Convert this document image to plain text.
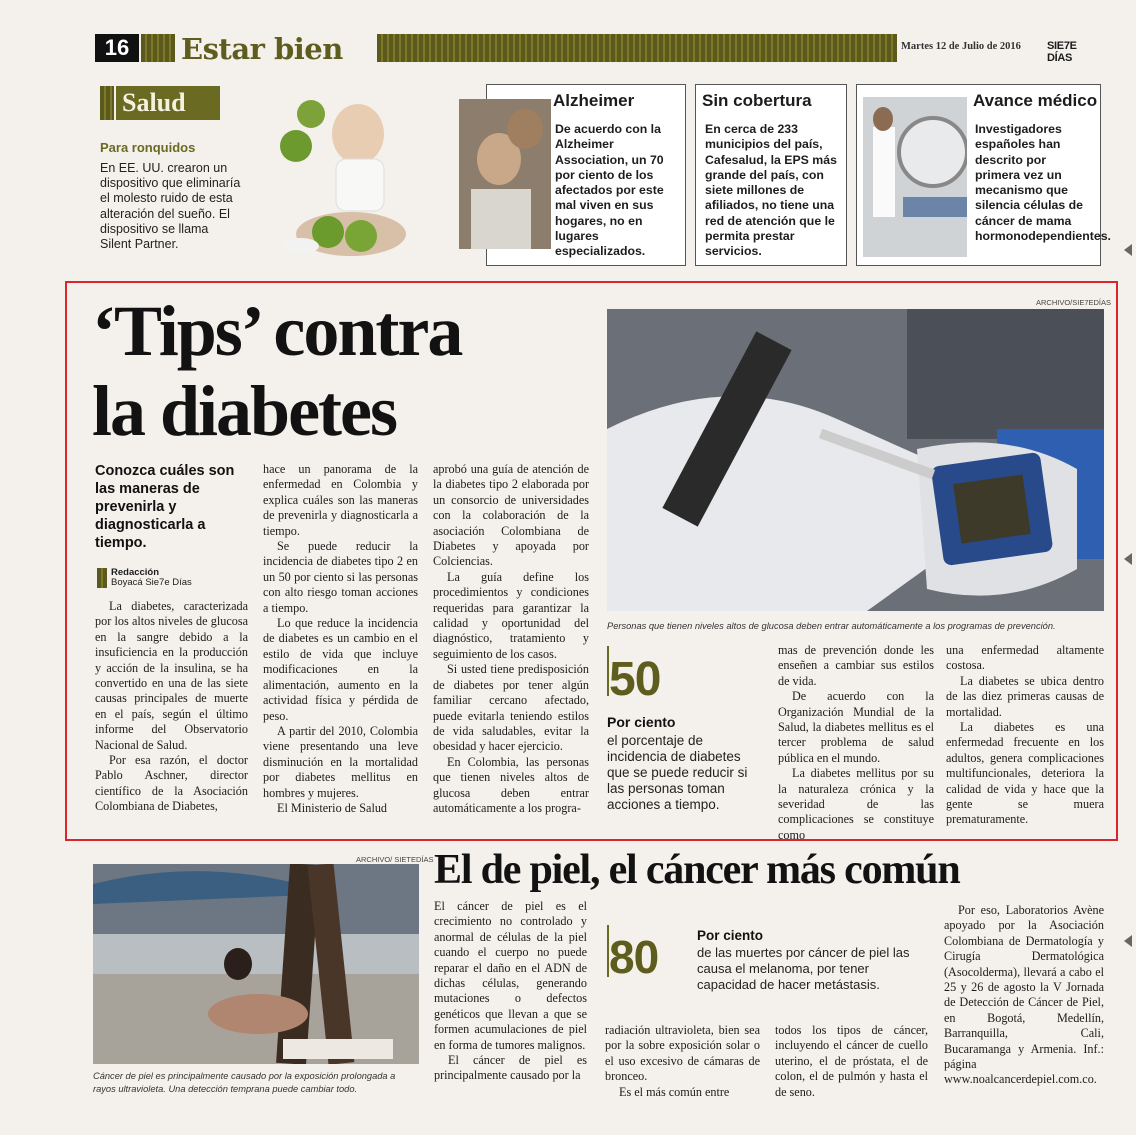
16	Estar bien	Martes 12 de Julio de 2016 SIE7E DÍAS
Salud
Para ronquidos
En EE. UU. crearon un dispositivo que eliminaría el molesto ruido de esta alteración del sueño. El dispositivo se llama Silent Partner.
Alzheimer
De acuerdo con la Alzheimer Association, un 70 por ciento de los afectados por este mal viven en sus hogares, no en lugares especializados.
Sin cobertura
En cerca de 233 municipios del país, Cafesalud, la EPS más grande del país, con siete millones de afiliados, no tiene una red de atención que le permita prestar servicios.
Avance médico
Investigadores españoles han descrito por primera vez un mecanismo que silencia células de cáncer de mama hormonodependientes.
‘Tips’ contra
la diabetes
Conozca cuáles son las maneras de prevenirla y diagnosticarla a tiempo.
Redacción
Boyacá Sie7e Días

La diabetes, caracterizada por los altos niveles de glucosa en la sangre debido a la insuficiencia en la producción y acción de la insulina, se ha convertido en una de las siete causas principales de muerte en el país, según el último informe del Observatorio Nacional de Salud.

Por esa razón, el doctor Pablo Aschner, director científico de la Asociación Colombiana de Diabetes,

hace un panorama de la enfermedad en Colombia y explica cuáles son las maneras de prevenirla y diagnosticarla a tiempo.

Se puede reducir la incidencia de diabetes tipo 2 en un 50 por ciento si las personas con alto riesgo toman acciones a tiempo.

Lo que reduce la incidencia de diabetes es un cambio en el estilo de vida que incluye modificaciones en la alimentación, aumento en la actividad física y pérdida de peso.

A partir del 2010, Colombia viene presentando una leve disminución en la mortalidad por diabetes mellitus en hombres y mujeres.

El Ministerio de Salud

aprobó una guía de atención de la diabetes tipo 2 elaborada por un consorcio de universidades con la colaboración de la asociación Colombiana de Diabetes y apoyada por Colciencias.

La guía define los procedimientos y condiciones requeridas para garantizar la calidad y oportunidad del diagnóstico, tratamiento y seguimiento de los casos.

Si usted tiene predisposición de diabetes por tener algún familiar cercano afectado, puede evitarla teniendo estilos de vida saludables, evitar la obesidad y hacer ejercicio.

En Colombia, las personas que tienen niveles altos de glucosa deben entrar automáticamente a los progra-

ARCHIVO/SIE7EDÍAS
Personas que tienen niveles altos de glucosa deben entrar automáticamente a los programas de prevención.
50
Por ciento
el porcentaje de incidencia de diabetes que se puede reducir si las personas toman acciones a tiempo.

mas de prevención donde les enseñen a cambiar sus estilos de vida.

De acuerdo con la Organización Mundial de la Salud, la diabetes mellitus es el tercer problema de salud pública en el mundo.

La diabetes mellitus por su la naturaleza crónica y la severidad de las complicaciones se constituye como

una enfermedad altamente costosa.

La diabetes se ubica dentro de las diez primeras causas de mortalidad.

La diabetes es una enfermedad frecuente en los adultos, genera complicaciones multifuncionales, deteriora la calidad de vida y hace que la gente se muera prematuramente.

ARCHIVO/ SIETEDÍAS
Cáncer de piel es principalmente causado por la exposición prolongada a rayos ultravioleta. Una detección temprana puede cambiar todo.
El de piel, el cáncer más común

El cáncer de piel es el crecimiento no controlado y anormal de células de la piel cuando el cuerpo no puede reparar el daño en el ADN de dichas células, generando mutaciones o defectos genéticos que llevan a que se formen acumulaciones de piel en forma de tumores malignos.

El cáncer de piel es principalmente causado por la

80	Por ciento
de las muertes por cáncer de piel las causa el melanoma, por tener capacidad de hacer metástasis.

radiación ultravioleta, bien sea por la sobre exposición solar o el uso excesivo de cámaras de bronceo.

Es el más común entre

todos los tipos de cáncer, incluyendo el cáncer de cuello uterino, el de próstata, el de colon, el de pulmón y hasta el de seno.

Por eso, Laboratorios Avène apoyado por la Asociación Colombiana de Dermatología y Cirugía Dermatológica (Asocolderma), llevará a cabo el 25 y 26 de agosto la V Jornada de Detección de Cáncer de Piel, en Bogotá, Medellín, Barranquilla, Cali, Bucaramanga y Armenia. Inf.: página www.noalcancerdepiel.com.co.
